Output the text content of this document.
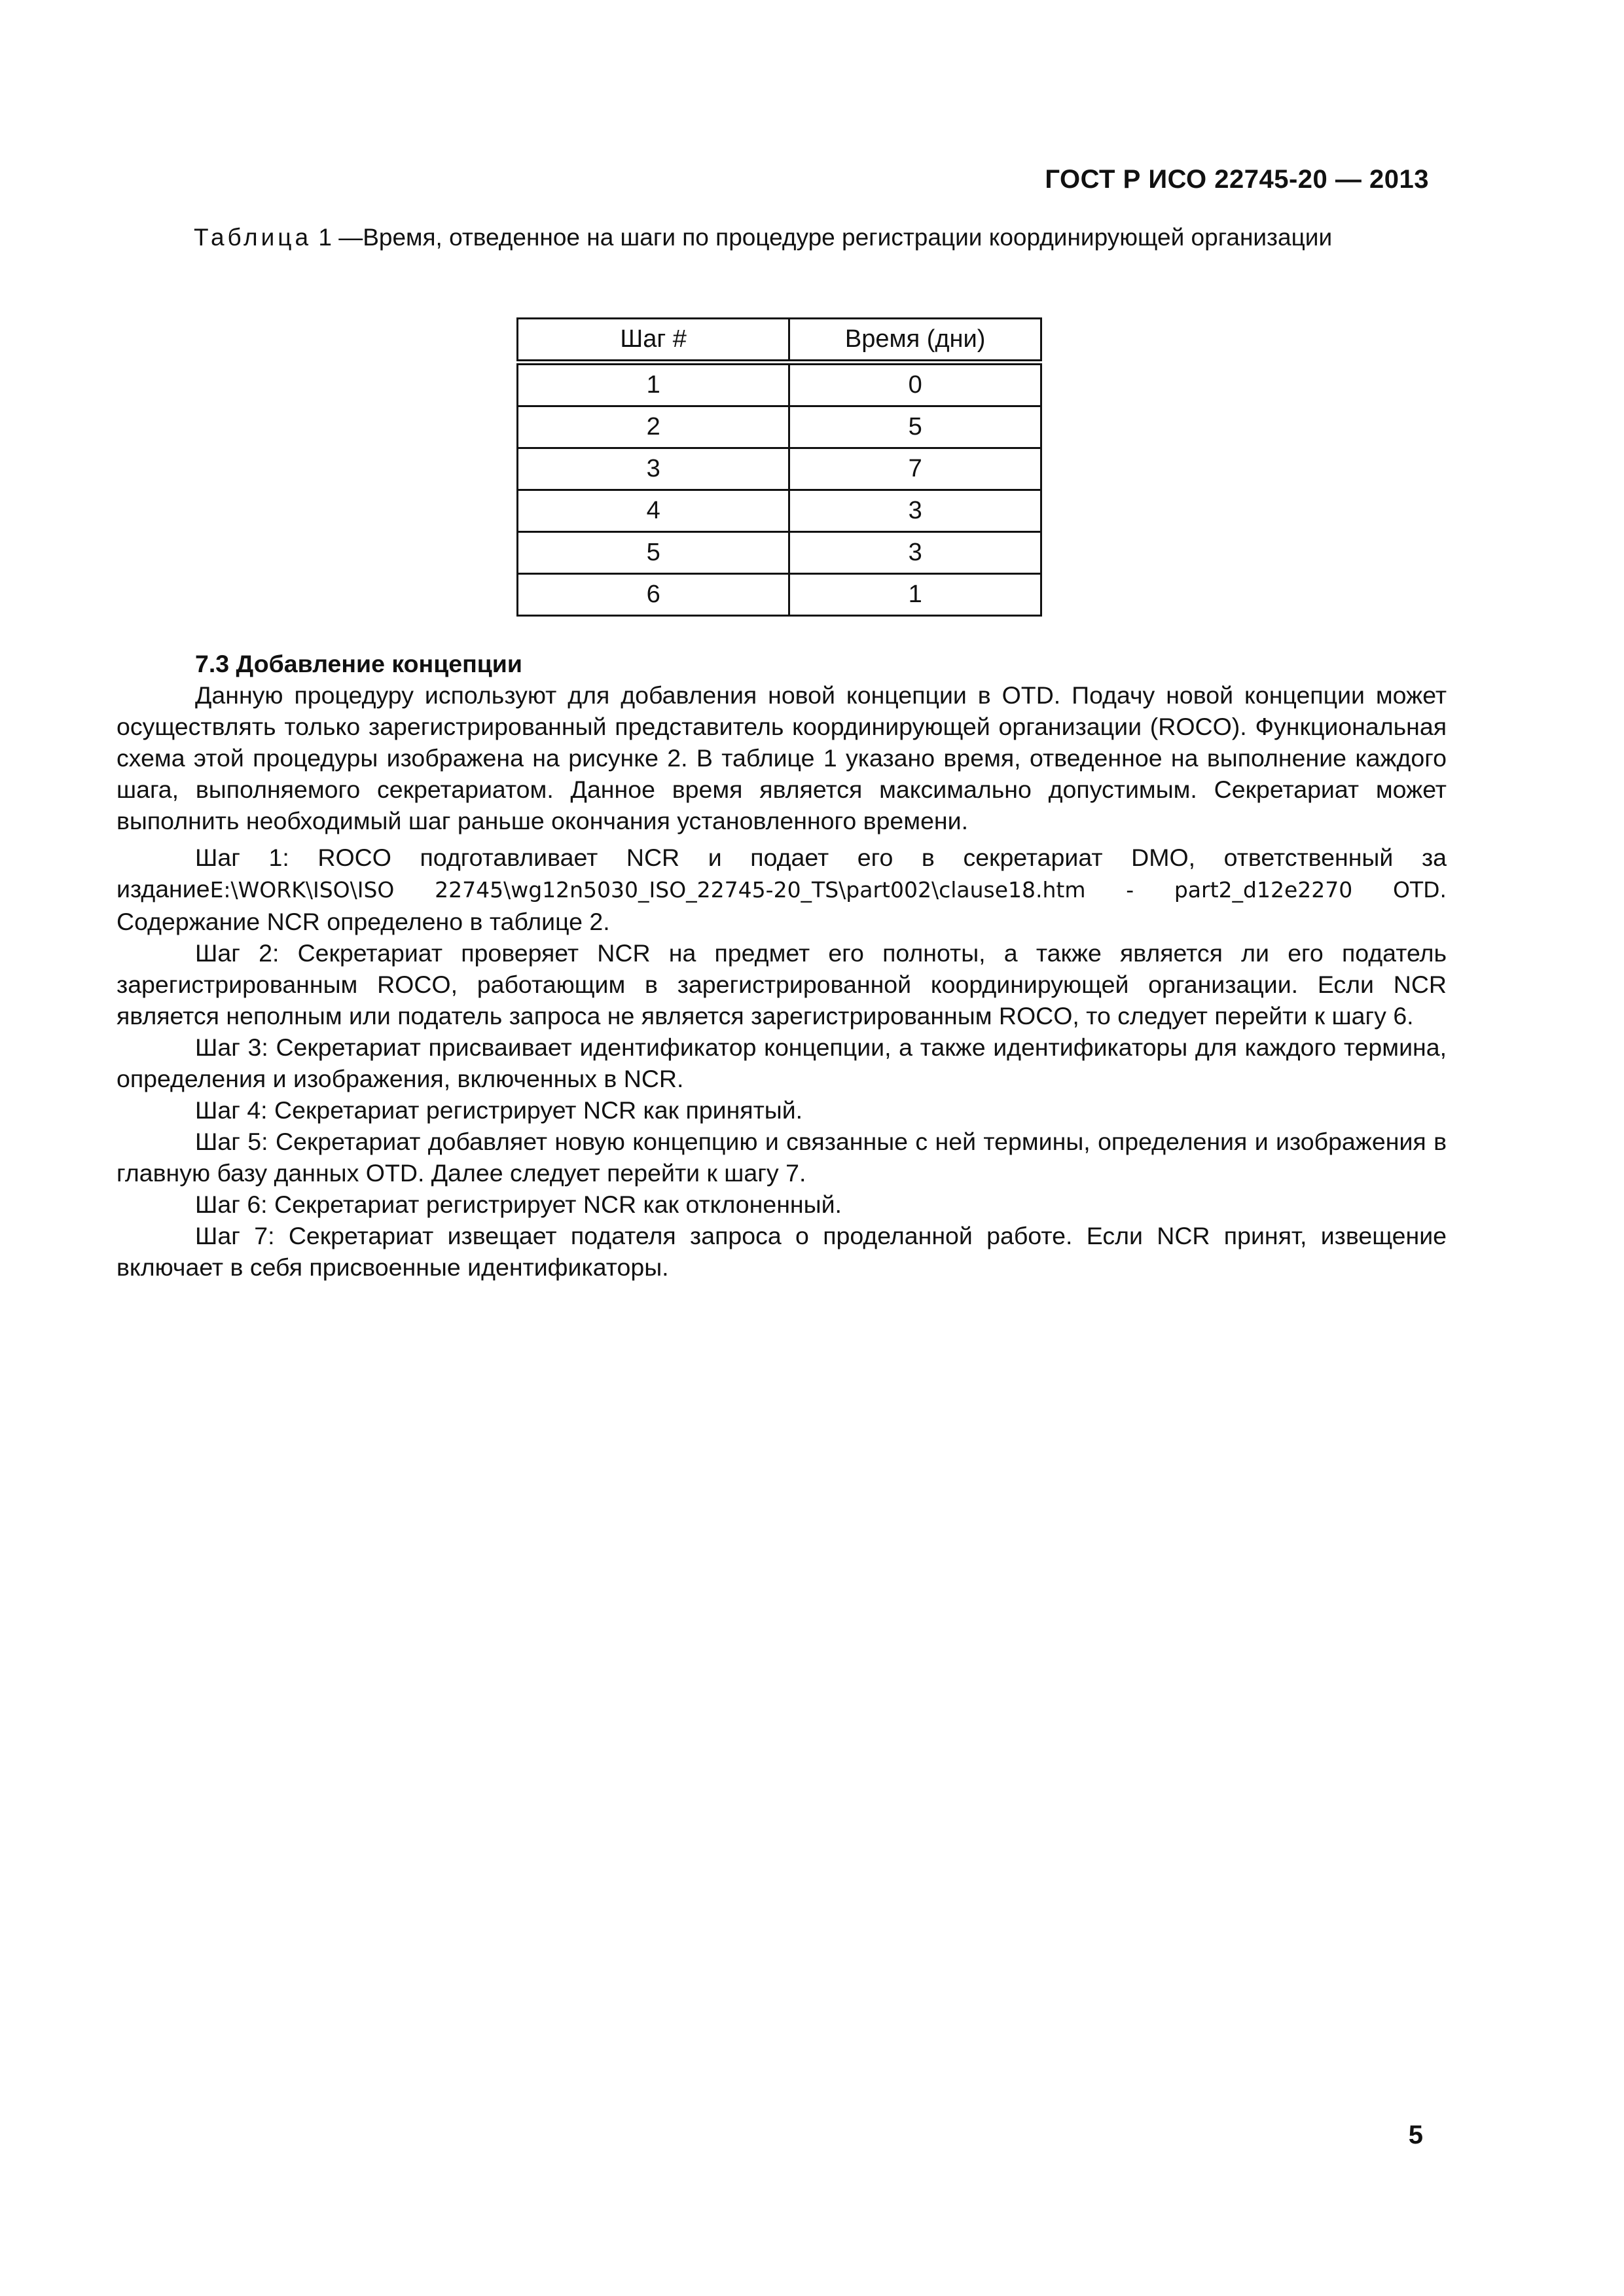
ГОСТ Р ИСО 22745-20 — 2013
Таблица 1 —Время, отведенное на шаги по процедуре регистрации координирующей организации
Шаг #	Время (дни)
1	0
2	5
3	7
4	3
5	3
6	1

7.3 Добавление концепции

Данную процедуру используют для добавления новой концепции в OTD. Подачу новой концепции может осуществлять только зарегистрированный представитель координирующей организации (ROCO). Функциональная схема этой процедуры изображена на рисунке 2. В таблице 1 указано время, отведенное на выполнение каждого шага, выполняемого секретариатом. Данное время является максимально допустимым. Секретариат может выполнить необходимый шаг раньше окончания установленного времени.

Шаг 1: ROCO подготавливает NCR и подает его в секретариат DMO, ответственный за изданиеE:\WORK\ISO\ISO 22745\wg12n5030_ISO_22745-20_TS\part002\clause18.htm - part2_d12e2270 OTD. Содержание NCR определено в таблице 2.

Шаг 2: Секретариат проверяет NCR на предмет его полноты, а также является ли его податель зарегистрированным ROCO, работающим в зарегистрированной координирующей организации. Если NCR является неполным или податель запроса не является зарегистрированным ROCO, то следует перейти к шагу 6.

Шаг 3: Секретариат присваивает идентификатор концепции, а также идентификаторы для каждого термина, определения и изображения, включенных в NCR.

Шаг 4: Секретариат регистрирует NCR как принятый.

Шаг 5: Секретариат добавляет новую концепцию и связанные с ней термины, определения и изображения в главную базу данных OTD. Далее следует перейти к шагу 7.

Шаг 6: Секретариат регистрирует NCR как отклоненный.

Шаг 7: Секретариат извещает подателя запроса о проделанной работе. Если NCR принят, извещение включает в себя присвоенные идентификаторы.

5
